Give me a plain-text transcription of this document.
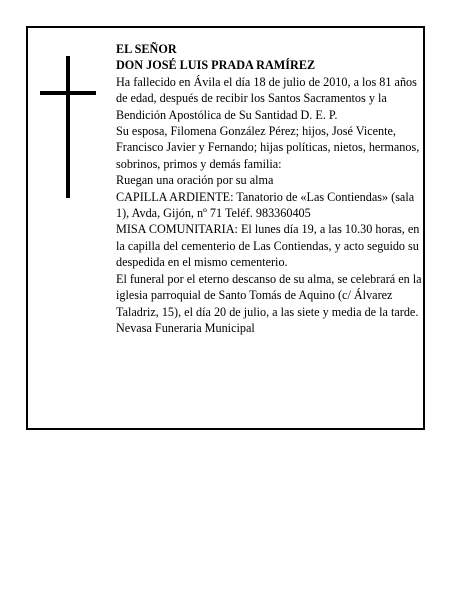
EL SEÑOR

DON JOSÉ LUIS PRADA RAMÍREZ

Ha fallecido en Ávila el día 18 de julio de 2010, a los 81 años de edad, después de recibir los Santos Sacramentos y la Bendición Apostólica de Su Santidad D. E. P.

Su esposa, Filomena González Pérez; hijos, José Vicente, Francisco Javier y Fernando; hijas políticas, nietos, hermanos, sobrinos, primos y demás familia:

Ruegan una oración por su alma

CAPILLA ARDIENTE: Tanatorio de «Las Contiendas» (sala 1), Avda, Gijón, nº 71 Teléf. 983360405

MISA COMUNITARIA: El lunes día 19, a las 10.30 horas, en la capilla del cementerio de Las Contiendas, y acto seguido su despedida en el mismo cementerio.

El funeral por el eterno descanso de su alma, se celebrará en la iglesia parroquial de Santo Tomás de Aquino (c/ Álvarez Taladriz, 15), el día 20 de julio, a las siete y media de la tarde.

Nevasa Funeraria Municipal
